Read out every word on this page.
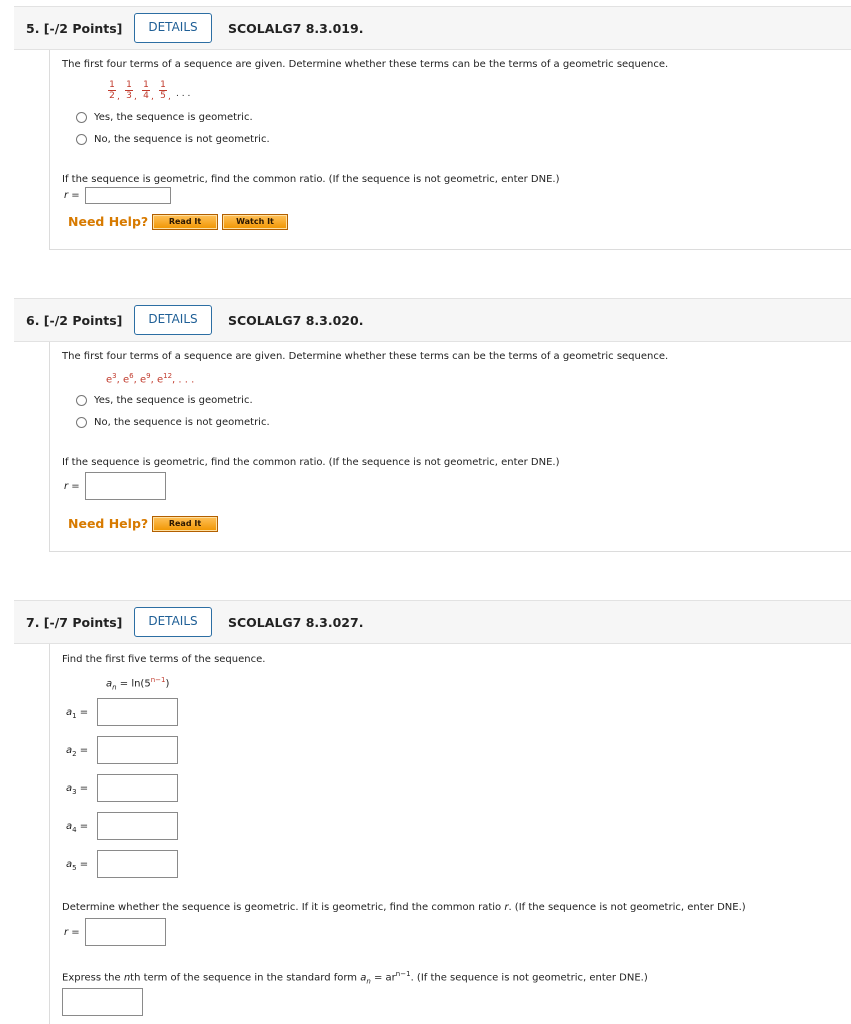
5. [-/2 Points]	DETAILS	SCOLALG7 8.3.019.
The first four terms of a sequence are given. Determine whether these terms can be the terms of a geometric sequence.
1
2 ,
1
3 ,
1
4 ,
1
5 , . . .
Yes, the sequence is geometric.
No, the sequence is not geometric.
If the sequence is geometric, find the common ratio. (If the sequence is not geometric, enter DNE.)
r =
Need Help?	Read It	Watch It
6. [-/2 Points]	DETAILS	SCOLALG7 8.3.020.
The first four terms of a sequence are given. Determine whether these terms can be the terms of a geometric sequence.
$e^3$, $e^6$, $e^9$, $e^{12}$, . . .
Yes, the sequence is geometric.
No, the sequence is not geometric.
If the sequence is geometric, find the common ratio. (If the sequence is not geometric, enter DNE.)
r =
Need Help?	Read It
7. [-/7 Points]	DETAILS	SCOLALG7 8.3.027.
Find the first five terms of the sequence.
$a_n = \ln(5^{n-1})$
$a_1$ =
$a_2$ =
$a_3$ =
$a_4$ =
$a_5$ =
Determine whether the sequence is geometric. If it is geometric, find the common ratio r. (If the sequence is not geometric, enter DNE.)
r =
Express the nth term of the sequence in the standard form $a_n = ar^{n-1}$. (If the sequence is not geometric, enter DNE.)
